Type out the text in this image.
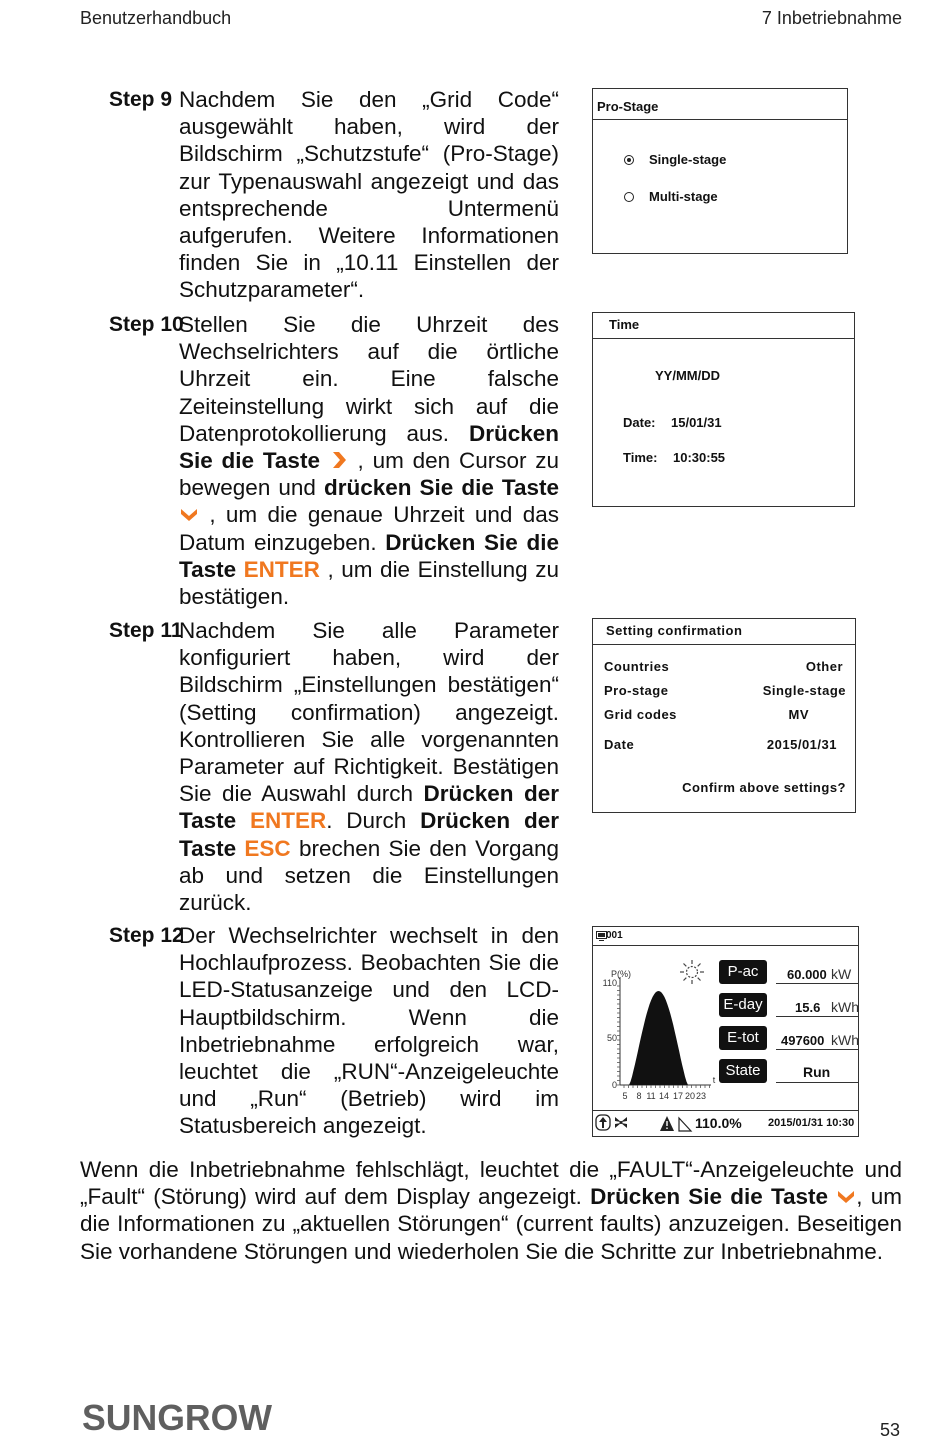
Benutzerhandbuch	7 Inbetriebnahme
Step 9 Nachdem Sie den „Grid Code“ ausgewählt haben, wird der Bildschirm „Schutzstufe“ (Pro-Stage) zur Typenauswahl angezeigt und das entsprechende Untermenü aufgerufen. Weitere Informationen finden Sie in „10.11 Einstellen der Schutzparameter“.
Step 10
Stellen Sie die Uhrzeit des Wechselrichters auf die örtliche Uhrzeit ein. Eine falsche Zeiteinstellung wirkt sich auf die Datenprotokollierung aus. Drücken Sie die Taste  , um den Cursor zu bewegen und drücken Sie die Taste  , um die genaue Uhrzeit und das Datum einzugeben. Drücken Sie die Taste ENTER , um die Einstellung zu bestätigen.
Step 11
Nachdem Sie alle Parameter konfiguriert haben, wird der Bildschirm „Einstellungen bestätigen“ (Setting confirmation) angezeigt. Kontrollieren Sie alle vorgenannten Parameter auf Richtigkeit. Bestätigen Sie die Auswahl durch Drücken der Taste ENTER. Durch Drücken der Taste ESC brechen Sie den Vorgang ab und setzen die Einstellungen zurück.
Step 12
Der Wechselrichter wechselt in den Hochlaufprozess. Beobachten Sie die LED-Statusanzeige und den LCD-Hauptbildschirm. Wenn die Inbetriebnahme erfolgreich war, leuchtet die „RUN“-Anzeigeleuchte und „Run“ (Betrieb) wird im Statusbereich angezeigt.
Pro-Stage
Single-stage
Multi-stage
Time
YY/MM/DD
Date: 15/01/31
Time: 10:30:55
Setting confirmation
Countries	Other
Pro-stage	Single-stage
Grid codes	MV
Date	2015/01/31
Confirm above settings?
001
P(%)
110
50
0
5 8 11 14 17 20 23
t
P-ac	60.000 kW
E-day	15.6 kWh
E-tot	497600 kWh
State	Run
110.0% 2015/01/31 10:30
Wenn die Inbetriebnahme fehlschlägt, leuchtet die „FAULT“-Anzeigeleuchte und „Fault“ (Störung) wird auf dem Display angezeigt. Drücken Sie die Taste , um die Informationen zu „aktuellen Störungen“ (current faults) anzuzeigen. Beseitigen Sie vorhandene Störungen und wiederholen Sie die Schritte zur Inbetriebnahme.
SUNGROW	53
